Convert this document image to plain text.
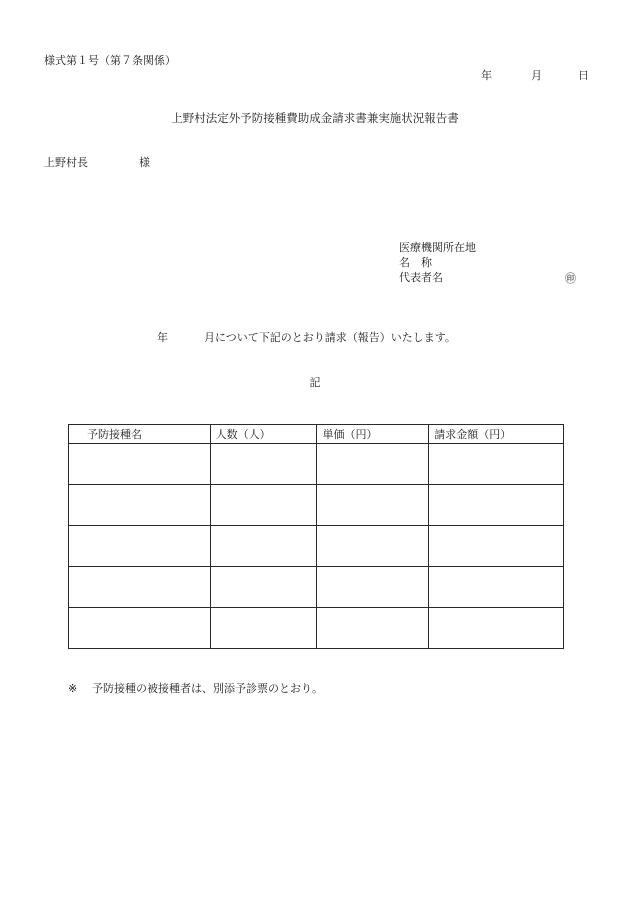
様式第１号（第７条関係）
年	月	日
上野村法定外予防接種費助成金請求書兼実施状況報告書
上野村長	様
医療機関所在地
名　称
代表者名	㊞
年	月について下記のとおり請求（報告）いたします。
記
予防接種名	人数（人）	単価（円）	請求金額（円）

※ 予防接種の被接種者は、別添予診票のとおり。
